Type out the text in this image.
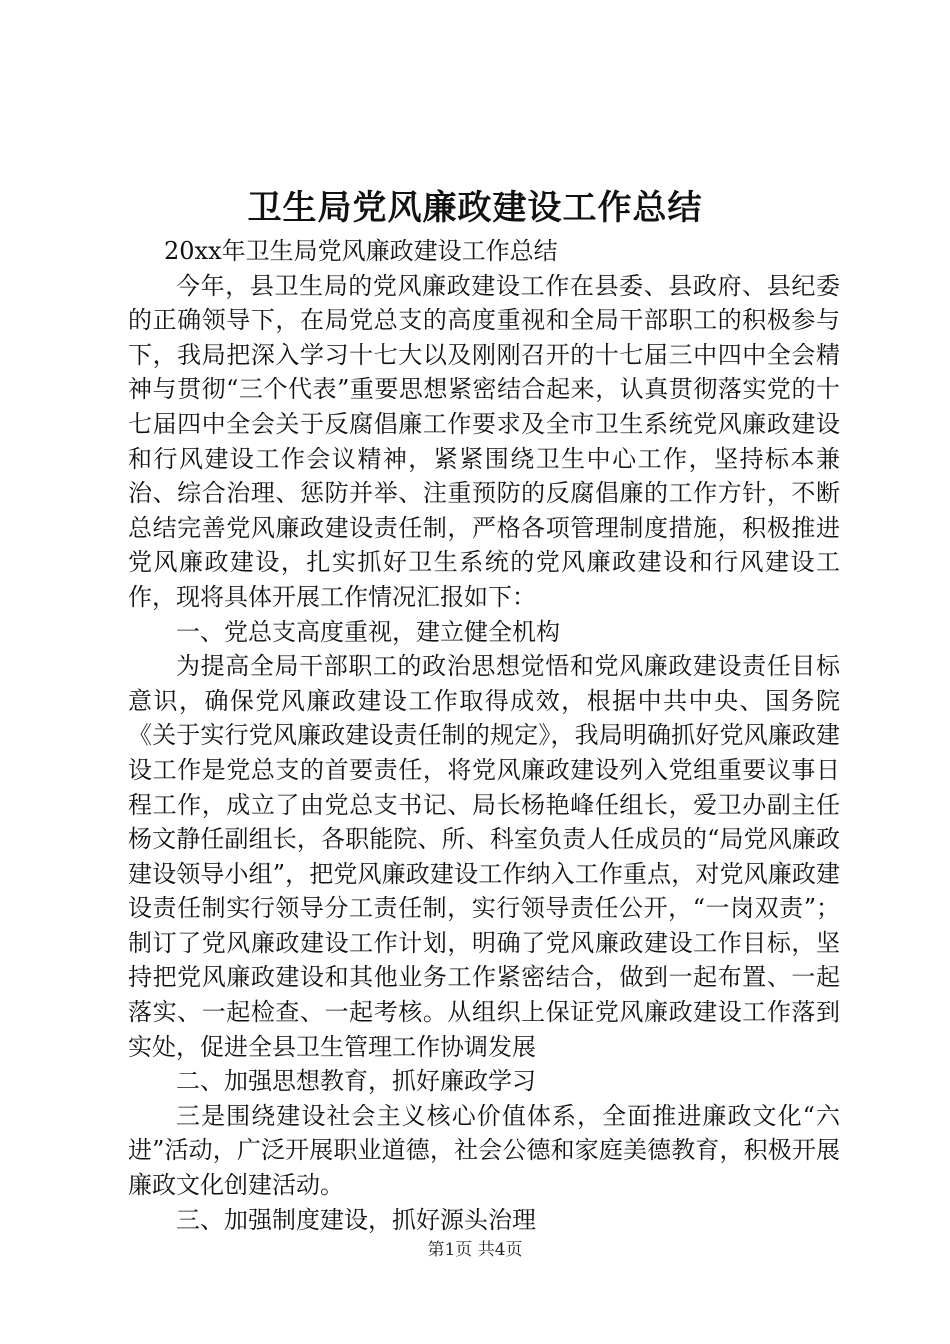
卫生局党风廉政建设工作总结

20xx年卫生局党风廉政建设工作总结

今年，县卫生局的党风廉政建设工作在县委、县政府、县纪委的正确领导下，在局党总支的高度重视和全局干部职工的积极参与下，我局把深入学习十七大以及刚刚召开的十七届三中四中全会精神与贯彻“三个代表”重要思想紧密结合起来，认真贯彻落实党的十七届四中全会关于反腐倡廉工作要求及全市卫生系统党风廉政建设和行风建设工作会议精神，紧紧围绕卫生中心工作，坚持标本兼治、综合治理、惩防并举、注重预防的反腐倡廉的工作方针，不断总结完善党风廉政建设责任制，严格各项管理制度措施，积极推进党风廉政建设，扎实抓好卫生系统的党风廉政建设和行风建设工作，现将具体开展工作情况汇报如下：

一、党总支高度重视，建立健全机构

为提高全局干部职工的政治思想觉悟和党风廉政建设责任目标意识，确保党风廉政建设工作取得成效，根据中共中央、国务院《关于实行党风廉政建设责任制的规定》，我局明确抓好党风廉政建设工作是党总支的首要责任，将党风廉政建设列入党组重要议事日程工作，成立了由党总支书记、局长杨艳峰任组长，爱卫办副主任杨文静任副组长，各职能院、所、科室负责人任成员的“局党风廉政建设领导小组”，把党风廉政建设工作纳入工作重点，对党风廉政建设责任制实行领导分工责任制，实行领导责任公开，“一岗双责”；制订了党风廉政建设工作计划，明确了党风廉政建设工作目标，坚持把党风廉政建设和其他业务工作紧密结合，做到一起布置、一起落实、一起检查、一起考核。从组织上保证党风廉政建设工作落到实处，促进全县卫生管理工作协调发展

二、加强思想教育，抓好廉政学习

三是围绕建设社会主义核心价值体系，全面推进廉政文化“六进”活动，广泛开展职业道德，社会公德和家庭美德教育，积极开展廉政文化创建活动。

三、加强制度建设，抓好源头治理

第1页 共4页
